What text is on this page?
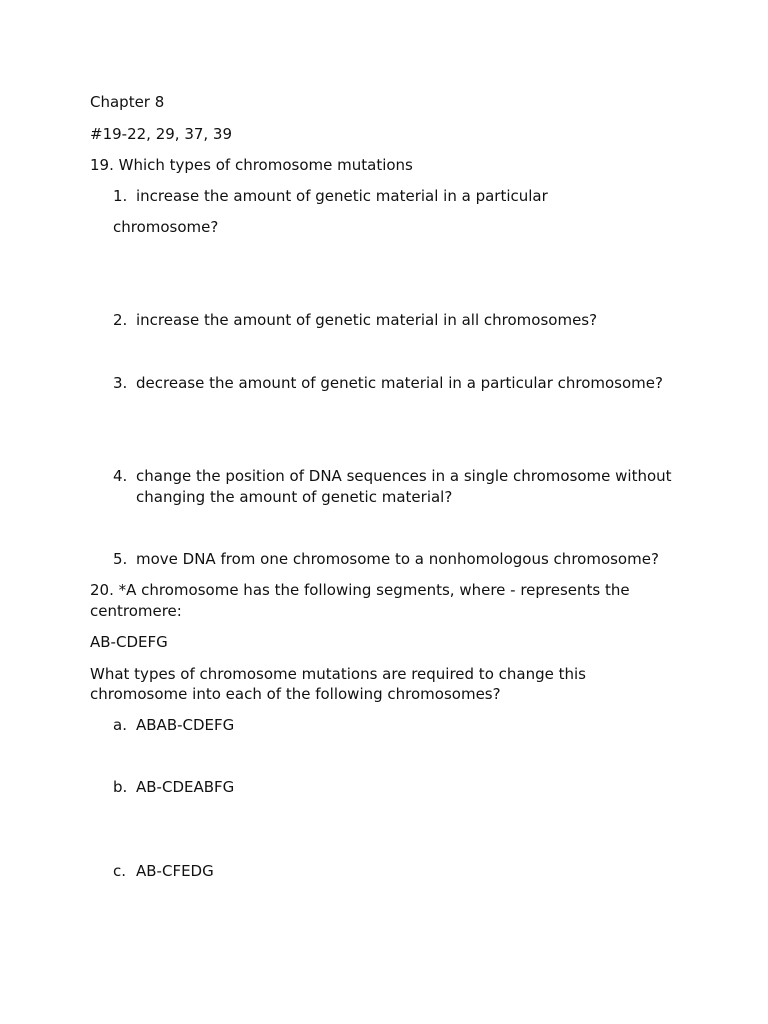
Chapter 8
#19-22, 29, 37, 39
19. Which types of chromosome mutations
1. increase the amount of genetic material in a particular
chromosome?
2. increase the amount of genetic material in all chromosomes?
3. decrease the amount of genetic material in a particular chromosome?
4. change the position of DNA sequences in a single chromosome without
changing the amount of genetic material?
5. move DNA from one chromosome to a nonhomologous chromosome?
20. *A chromosome has the following segments, where - represents the
centromere:
AB-CDEFG
What types of chromosome mutations are required to change this
chromosome into each of the following chromosomes?
a. ABAB-CDEFG
b. AB-CDEABFG
c. AB-CFEDG
